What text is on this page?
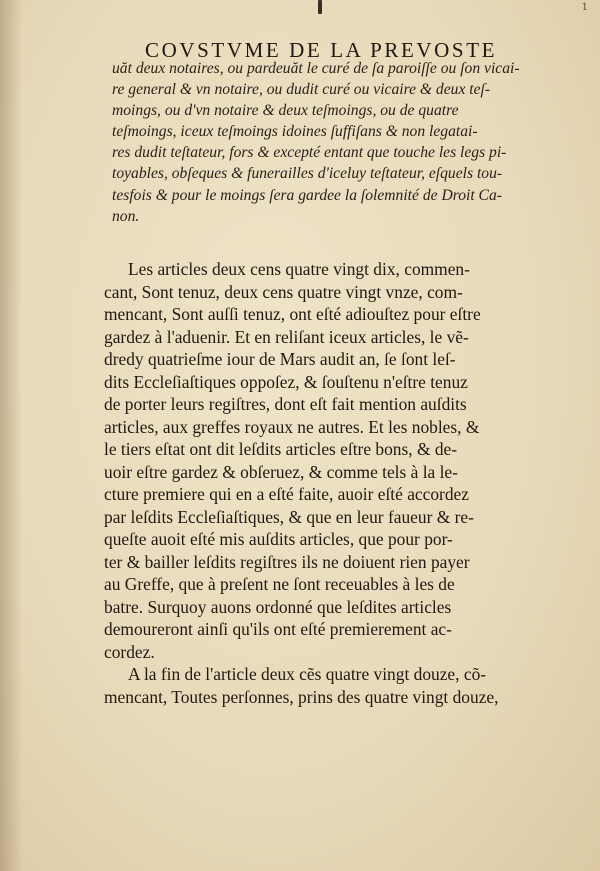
1
COVSTVME DE LA PREVOSTE
uăt deux notaires, ou pardeuăt le curé de ſa paroiſſe ou ſon vicai-
re general & vn notaire, ou dudit curé ou vicaire & deux teſ-
moings, ou d'vn notaire & deux teſmoings, ou de quatre
teſmoings, iceux teſmoings idoines ſuffiſans & non legatai-
res dudit teſtateur, fors & excepté entant que touche les legs pi-
toyables, obſeques & funerailles d'iceluy teſtateur, eſquels tou-
tesfois & pour le moings ſera gardee la ſolemnité de Droit Ca-
non.
Les articles deux cens quatre vingt dix, commen-
cant, Sont tenuz, deux cens quatre vingt vnze, com-
mencant, Sont auſſi tenuz, ont eſté adiouſtez pour eſtre
gardez à l'aduenir. Et en reliſant iceux articles, le vẽ-
dredy quatrieſme iour de Mars audit an, ſe ſont leſ-
dits Eccleſiaſtiques oppoſez, & ſouſtenu n'eſtre tenuz
de porter leurs regiſtres, dont eſt fait mention auſdits
articles, aux greffes royaux ne autres. Et les nobles, &
le tiers eſtat ont dit leſdits articles eſtre bons, & de-
uoir eſtre gardez & obſeruez, & comme tels à la le-
cture premiere qui en a eſté faite, auoir eſté accordez
par leſdits Eccleſiaſtiques, & que en leur faueur & re-
queſte auoit eſté mis auſdits articles, que pour por-
ter & bailler leſdits regiſtres ils ne doiuent rien payer
au Greffe, que à preſent ne ſont receuables à les de
batre. Surquoy auons ordonné que leſdites articles
demoureront ainſi qu'ils ont eſté premierement ac-
cordez.
A la fin de l'article deux cẽs quatre vingt douze, cõ-
mencant, Toutes perſonnes, prins des quatre vingt douze,
